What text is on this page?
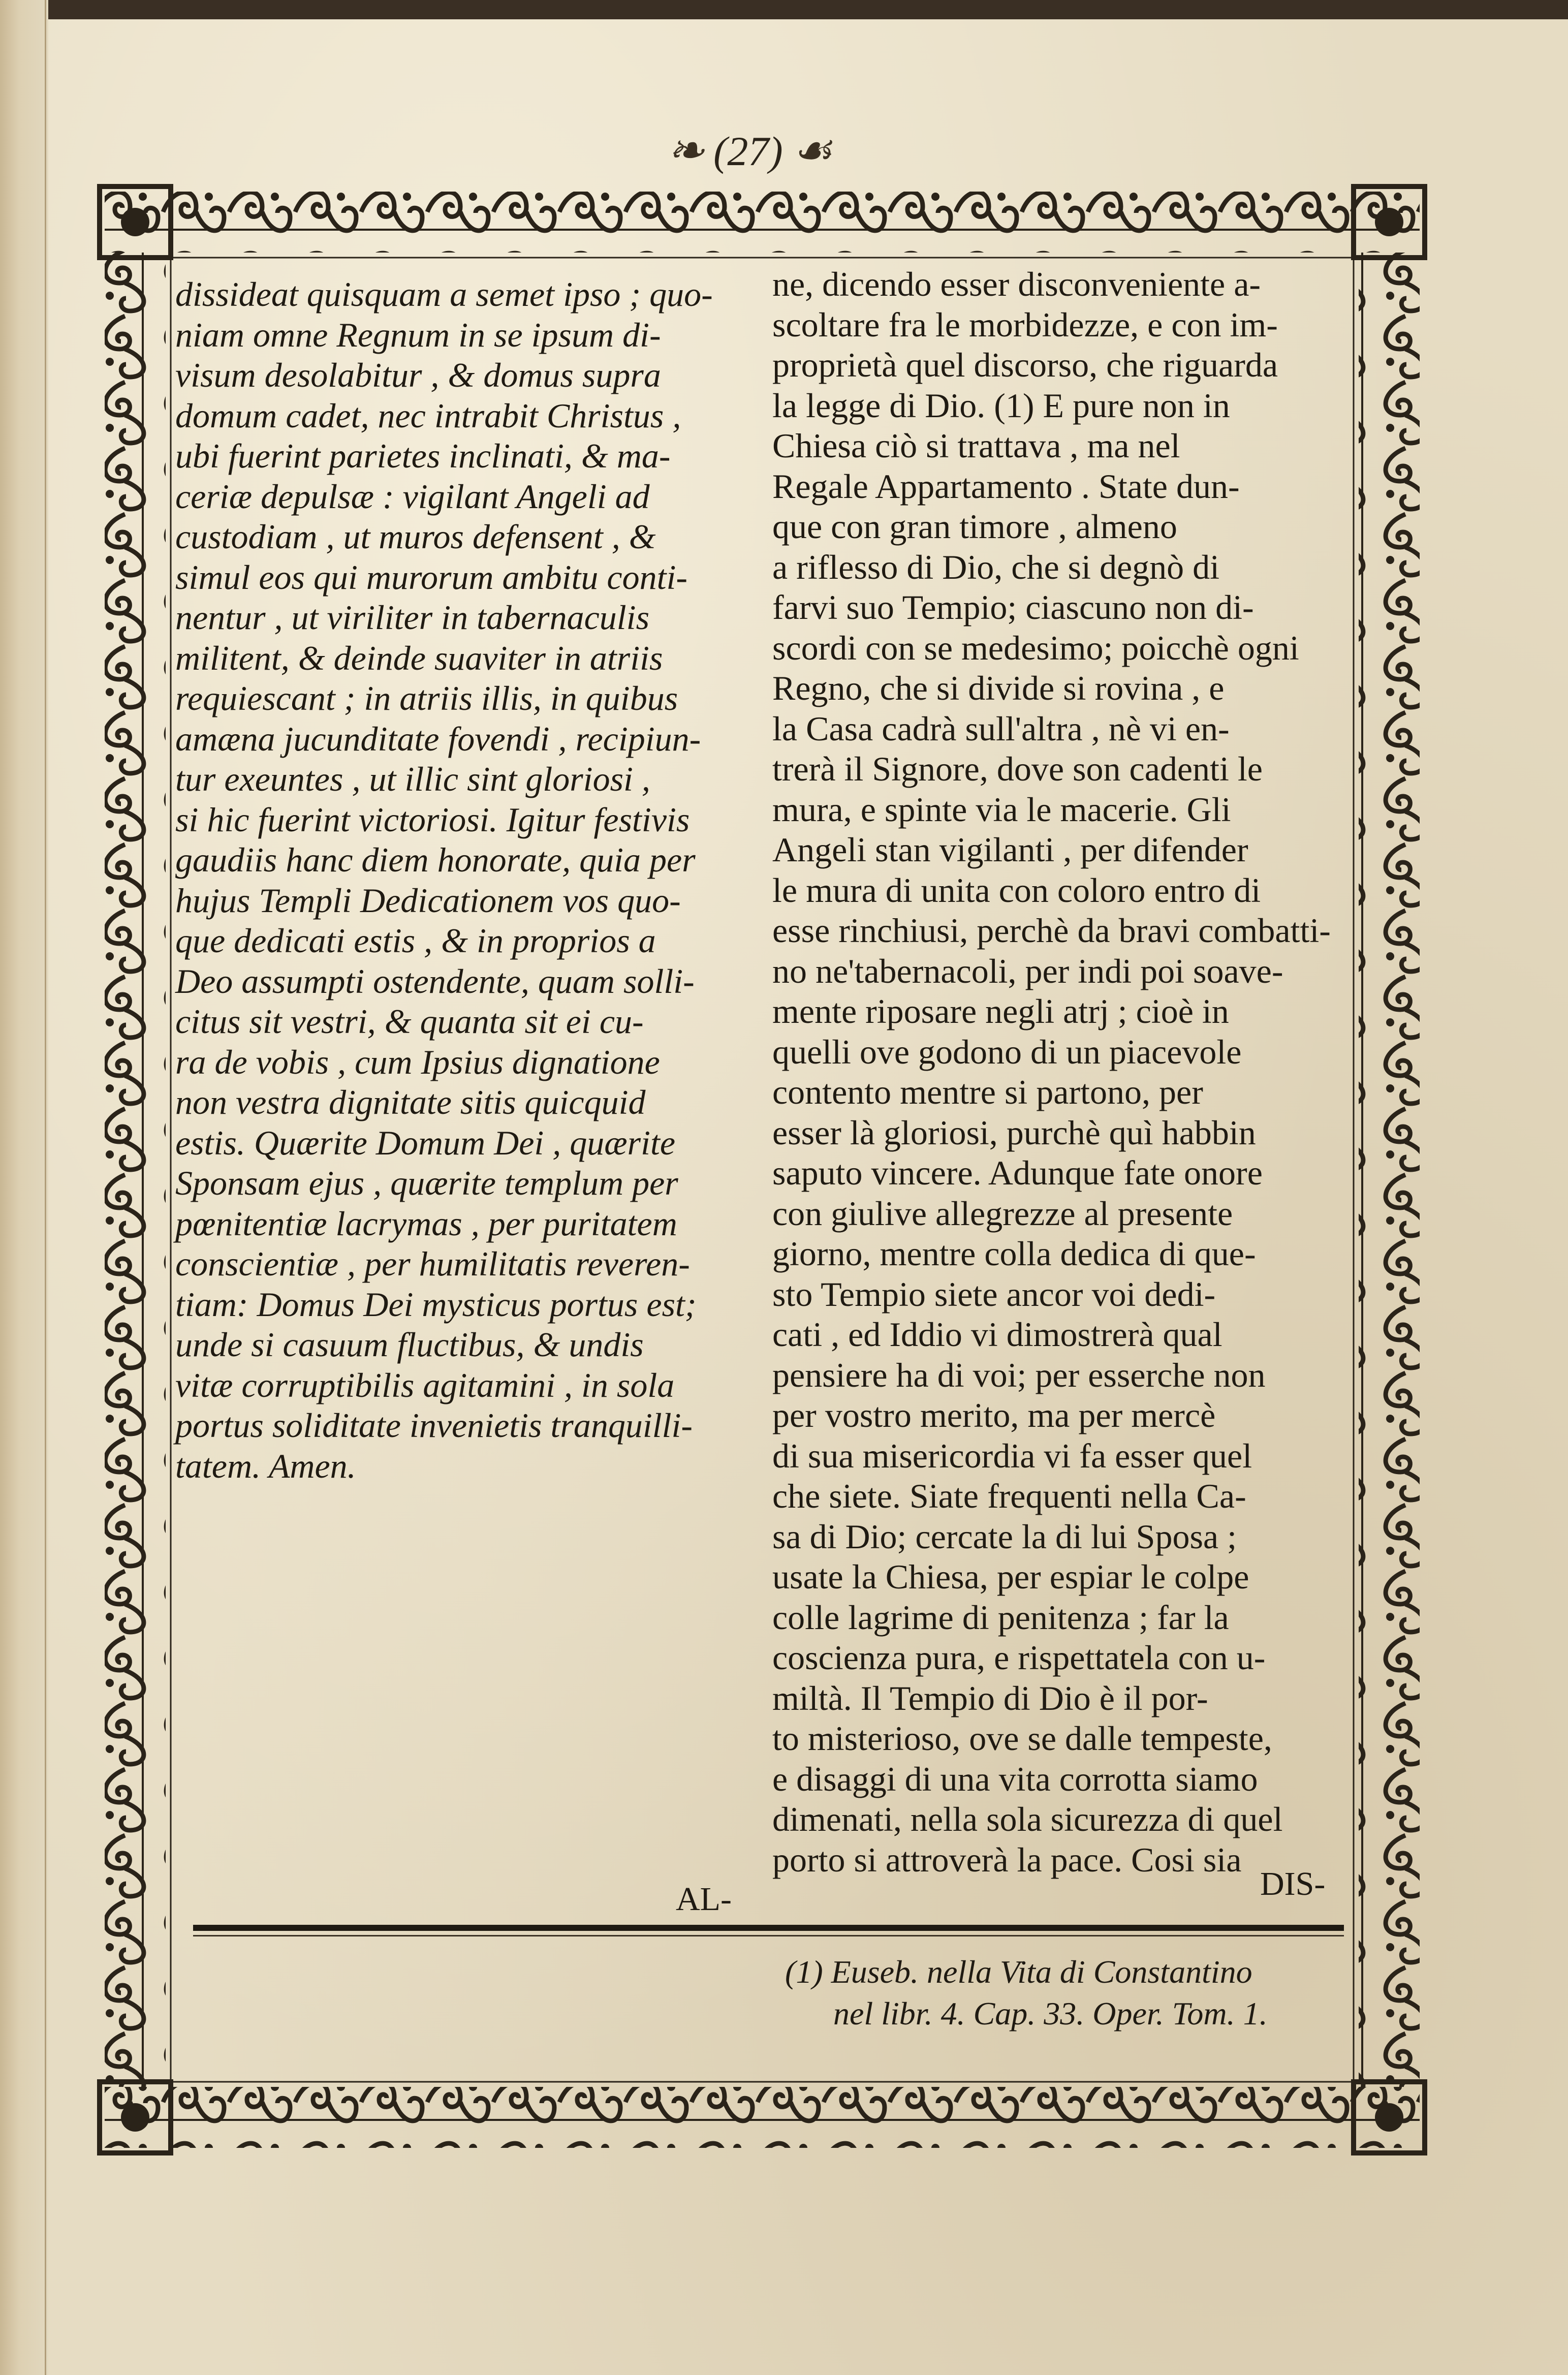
❧ (27) ☙

dissideat quisquam a semet ipso ; quo-

niam omne Regnum in se ipsum di-

visum desolabitur , & domus supra

domum cadet, nec intrabit Christus ,

ubi fuerint parietes inclinati, & ma-

ceriæ depulsæ : vigilant Angeli ad

custodiam , ut muros defensent , &

simul eos qui murorum ambitu conti-

nentur , ut viriliter in tabernaculis

militent, & deinde suaviter in atriis

requiescant ; in atriis illis, in quibus

amæna jucunditate fovendi , recipiun-

tur exeuntes , ut illic sint gloriosi ,

si hic fuerint victoriosi. Igitur festivis

gaudiis hanc diem honorate, quia per

hujus Templi Dedicationem vos quo-

que dedicati estis , & in proprios a

Deo assumpti ostendente, quam solli-

citus sit vestri, & quanta sit ei cu-

ra de vobis , cum Ipsius dignatione

non vestra dignitate sitis quicquid

estis. Quærite Domum Dei , quærite

Sponsam ejus , quærite templum per

pœnitentiæ lacrymas , per puritatem

conscientiæ , per humilitatis reveren-

tiam: Domus Dei mysticus portus est;

unde si casuum fluctibus, & undis

vitæ corruptibilis agitamini , in sola

portus soliditate invenietis tranquilli-

tatem. Amen.

ne, dicendo esser disconveniente a-

scoltare fra le morbidezze, e con im-

proprietà quel discorso, che riguarda

la legge di Dio. (1) E pure non in

Chiesa ciò si trattava , ma nel

Regale Appartamento . State dun-

que con gran timore , almeno

a riflesso di Dio, che si degnò di

farvi suo Tempio; ciascuno non di-

scordi con se medesimo; poicchè ogni

Regno, che si divide si rovina , e

la Casa cadrà sull'altra , nè vi en-

trerà il Signore, dove son cadenti le

mura, e spinte via le macerie. Gli

Angeli stan vigilanti , per difender

le mura di unita con coloro entro di

esse rinchiusi, perchè da bravi combatti-

no ne'tabernacoli, per indi poi soave-

mente riposare negli atrj ; cioè in

quelli ove godono di un piacevole

contento mentre si partono, per

esser là gloriosi, purchè quì habbin

saputo vincere. Adunque fate onore

con giulive allegrezze al presente

giorno, mentre colla dedica di que-

sto Tempio siete ancor voi dedi-

cati , ed Iddio vi dimostrerà qual

pensiere ha di voi; per esserche non

per vostro merito, ma per mercè

di sua misericordia vi fa esser quel

che siete. Siate frequenti nella Ca-

sa di Dio; cercate la di lui Sposa ;

usate la Chiesa, per espiar le colpe

colle lagrime di penitenza ; far la

coscienza pura, e rispettatela con u-

miltà. Il Tempio di Dio è il por-

to misterioso, ove se dalle tempeste,

e disaggi di una vita corrotta siamo

dimenati, nella sola sicurezza di quel

porto si attroverà la pace. Cosi sia

DIS-
AL-
(1) Euseb. nella Vita di Constantino
nel libr. 4. Cap. 33. Oper. Tom. 1.
